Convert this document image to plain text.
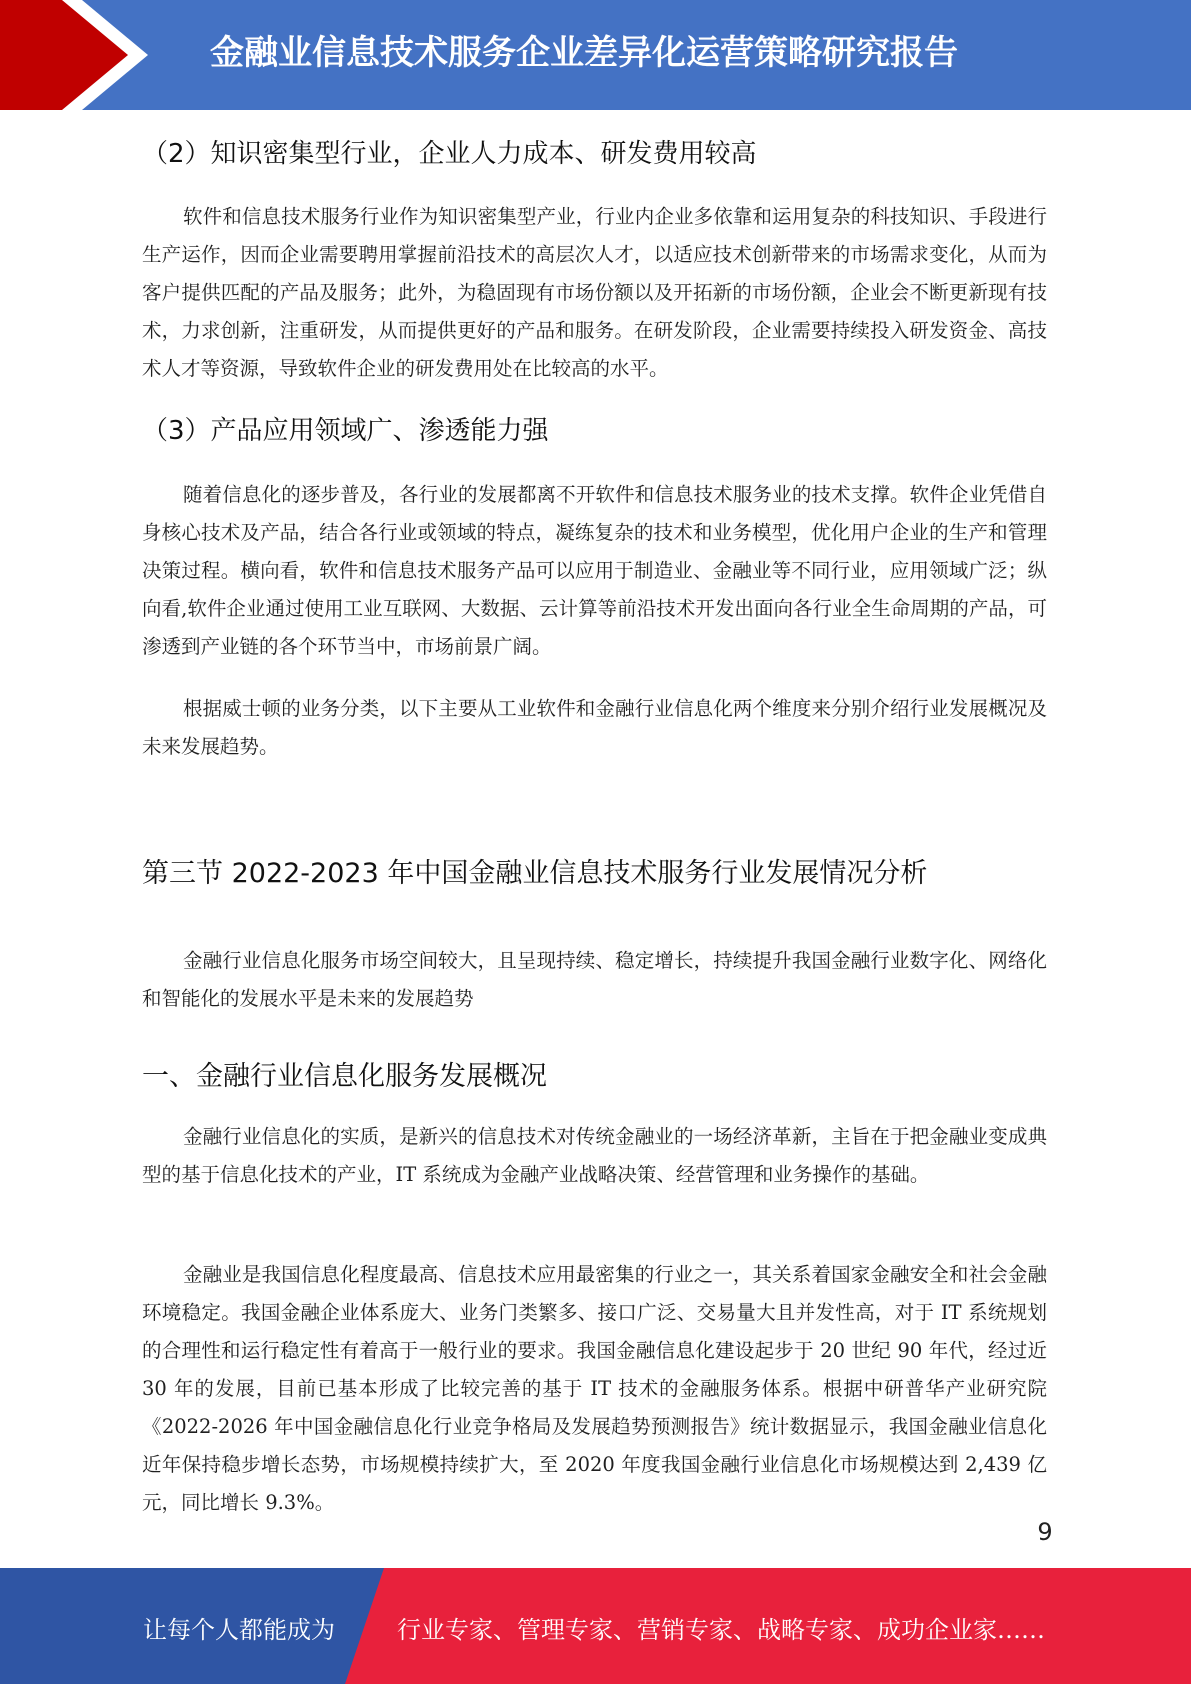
金融业信息技术服务企业差异化运营策略研究报告
（2）知识密集型行业，企业人力成本、研发费用较高

软件和信息技术服务行业作为知识密集型产业，行业内企业多依靠和运用复杂的科技知识、手段进行生产运作，因而企业需要聘用掌握前沿技术的高层次人才，以适应技术创新带来的市场需求变化，从而为客户提供匹配的产品及服务；此外，为稳固现有市场份额以及开拓新的市场份额，企业会不断更新现有技术，力求创新，注重研发，从而提供更好的产品和服务。在研发阶段，企业需要持续投入研发资金、高技术人才等资源，导致软件企业的研发费用处在比较高的水平。

（3）产品应用领域广、渗透能力强

随着信息化的逐步普及，各行业的发展都离不开软件和信息技术服务业的技术支撑。软件企业凭借自身核心技术及产品，结合各行业或领域的特点，凝练复杂的技术和业务模型，优化用户企业的生产和管理决策过程。横向看，软件和信息技术服务产品可以应用于制造业、金融业等不同行业，应用领域广泛；纵向看,软件企业通过使用工业互联网、大数据、云计算等前沿技术开发出面向各行业全生命周期的产品，可渗透到产业链的各个环节当中，市场前景广阔。

根据威士顿的业务分类，以下主要从工业软件和金融行业信息化两个维度来分别介绍行业发展概况及未来发展趋势。

第三节 2022-2023 年中国金融业信息技术服务行业发展情况分析

金融行业信息化服务市场空间较大，且呈现持续、稳定增长，持续提升我国金融行业数字化、网络化和智能化的发展水平是未来的发展趋势

一、金融行业信息化服务发展概况

金融行业信息化的实质，是新兴的信息技术对传统金融业的一场经济革新，主旨在于把金融业变成典型的基于信息化技术的产业，IT 系统成为金融产业战略决策、经营管理和业务操作的基础。

金融业是我国信息化程度最高、信息技术应用最密集的行业之一，其关系着国家金融安全和社会金融环境稳定。我国金融企业体系庞大、业务门类繁多、接口广泛、交易量大且并发性高，对于 IT 系统规划的合理性和运行稳定性有着高于一般行业的要求。我国金融信息化建设起步于 20 世纪 90 年代，经过近 30 年的发展，目前已基本形成了比较完善的基于 IT 技术的金融服务体系。根据中研普华产业研究院《2022-2026 年中国金融信息化行业竞争格局及发展趋势预测报告》统计数据显示，我国金融业信息化近年保持稳步增长态势，市场规模持续扩大，至 2020 年度我国金融行业信息化市场规模达到 2,439 亿元，同比增长 9.3%。

9
让每个人都能成为	行业专家、管理专家、营销专家、战略专家、成功企业家……
